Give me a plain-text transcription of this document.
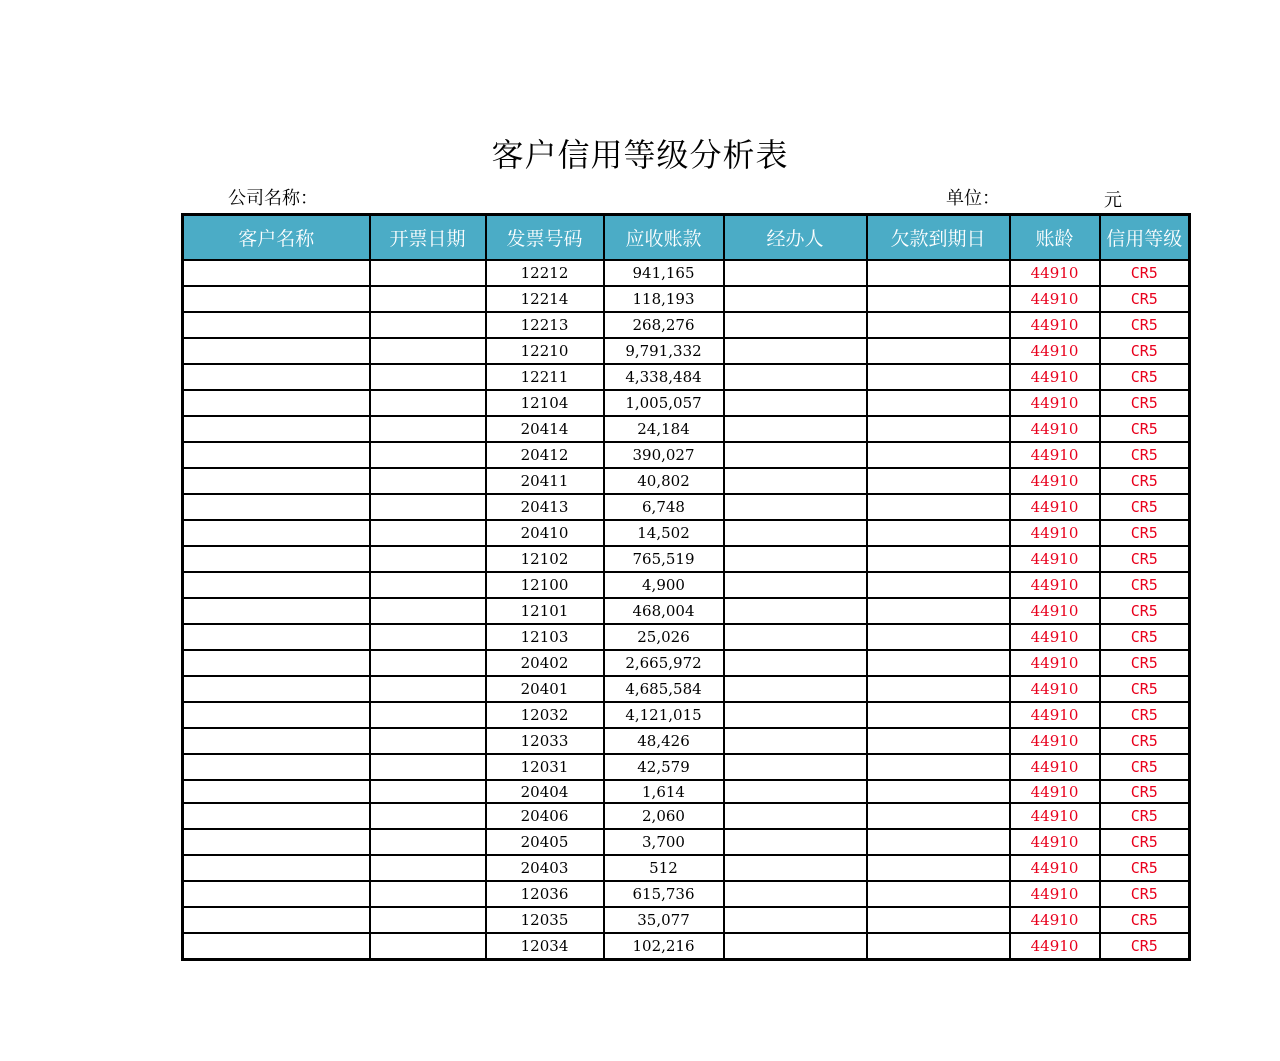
客户信用等级分析表
公司名称：	单位：	元
客户名称	开票日期	发票号码	应收账款	经办人	欠款到期日	账龄	信用等级
		12212	941,165			44910	CR5
		12214	118,193			44910	CR5
		12213	268,276			44910	CR5
		12210	9,791,332			44910	CR5
		12211	4,338,484			44910	CR5
		12104	1,005,057			44910	CR5
		20414	24,184			44910	CR5
		20412	390,027			44910	CR5
		20411	40,802			44910	CR5
		20413	6,748			44910	CR5
		20410	14,502			44910	CR5
		12102	765,519			44910	CR5
		12100	4,900			44910	CR5
		12101	468,004			44910	CR5
		12103	25,026			44910	CR5
		20402	2,665,972			44910	CR5
		20401	4,685,584			44910	CR5
		12032	4,121,015			44910	CR5
		12033	48,426			44910	CR5
		12031	42,579			44910	CR5
		20404	1,614			44910	CR5
		20406	2,060			44910	CR5
		20405	3,700			44910	CR5
		20403	512			44910	CR5
		12036	615,736			44910	CR5
		12035	35,077			44910	CR5
		12034	102,216			44910	CR5
